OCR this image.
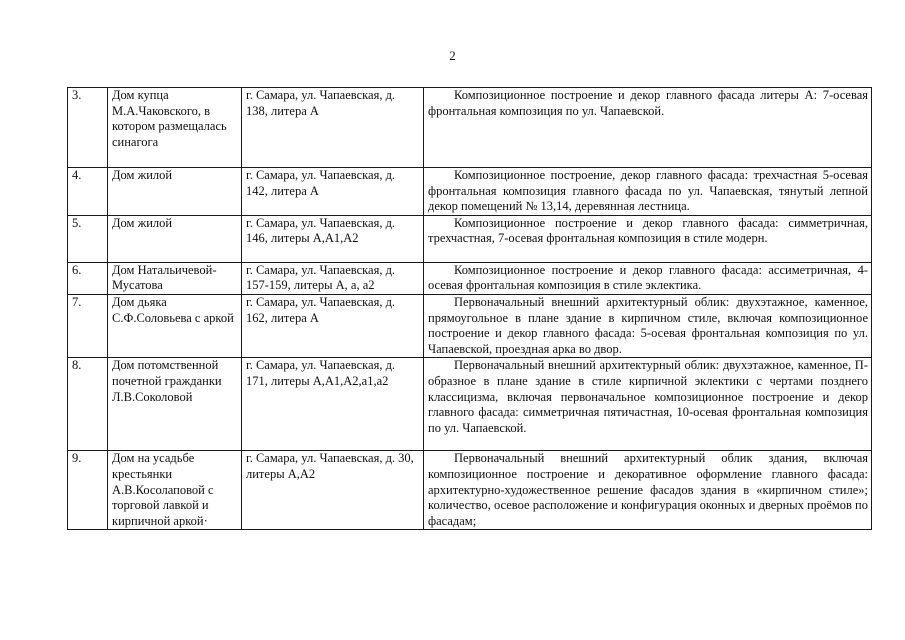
2
3.	Дом купца М.А.Чаковского, в котором размещалась синагога	г. Самара, ул. Чапаевская, д. 138, литера А	Композиционное построение и декор главного фасада литеры А: 7-осевая фронтальная композиция по ул. Чапаевской.

4.	Дом жилой	г. Самара, ул. Чапаевская, д. 142, литера А	Композиционное построение, декор главного фасада: трехчастная 5-осевая фронтальная композиция главного фасада по ул. Чапаевская, тянутый лепной декор помещений № 13,14, деревянная лестница.

5.	Дом жилой	г. Самара, ул. Чапаевская, д. 146, литеры А,А1,А2	Композиционное построение и декор главного фасада: симметричная, трехчастная, 7-осевая фронтальная композиция в стиле модерн.

6.	Дом Натальичевой-Мусатова	г. Самара, ул. Чапаевская, д. 157-159, литеры А, а, а2	Композиционное построение и декор главного фасада: ассиметричная, 4-осевая фронтальная композиция в стиле эклектика.

7.	Дом дьяка С.Ф.Соловьева с аркой	г. Самара, ул. Чапаевская, д. 162, литера А	Первоначальный внешний архитектурный облик: двухэтажное, каменное, прямоугольное в плане здание в кирпичном стиле, включая композиционное построение и декор главного фасада: 5-осевая фронтальная композиция по ул. Чапаевской, проездная арка во двор.

8.	Дом потомственной почетной гражданки Л.В.Соколовой	г. Самара, ул. Чапаевская, д. 171, литеры А,А1,А2,а1,а2	Первоначальный внешний архитектурный облик: двухэтажное, каменное, П-образное в плане здание в стиле кирпичной эклектики с чертами позднего классицизма, включая первоначальное композиционное построение и декор главного фасада: симметричная пятичастная, 10-осевая фронтальная композиция по ул. Чапаевской.

9.	Дом на усадьбе крестьянки А.В.Косолаповой с торговой лавкой и кирпичной аркой·	г. Самара, ул. Чапаевская, д. 30, литеры А,А2	Первоначальный внешний архитектурный облик здания, включая композиционное построение и декоративное оформление главного фасада: архитектурно-художественное решение фасадов здания в «кирпичном стиле»; количество, осевое расположение и конфигурация оконных и дверных проёмов по фасадам;
